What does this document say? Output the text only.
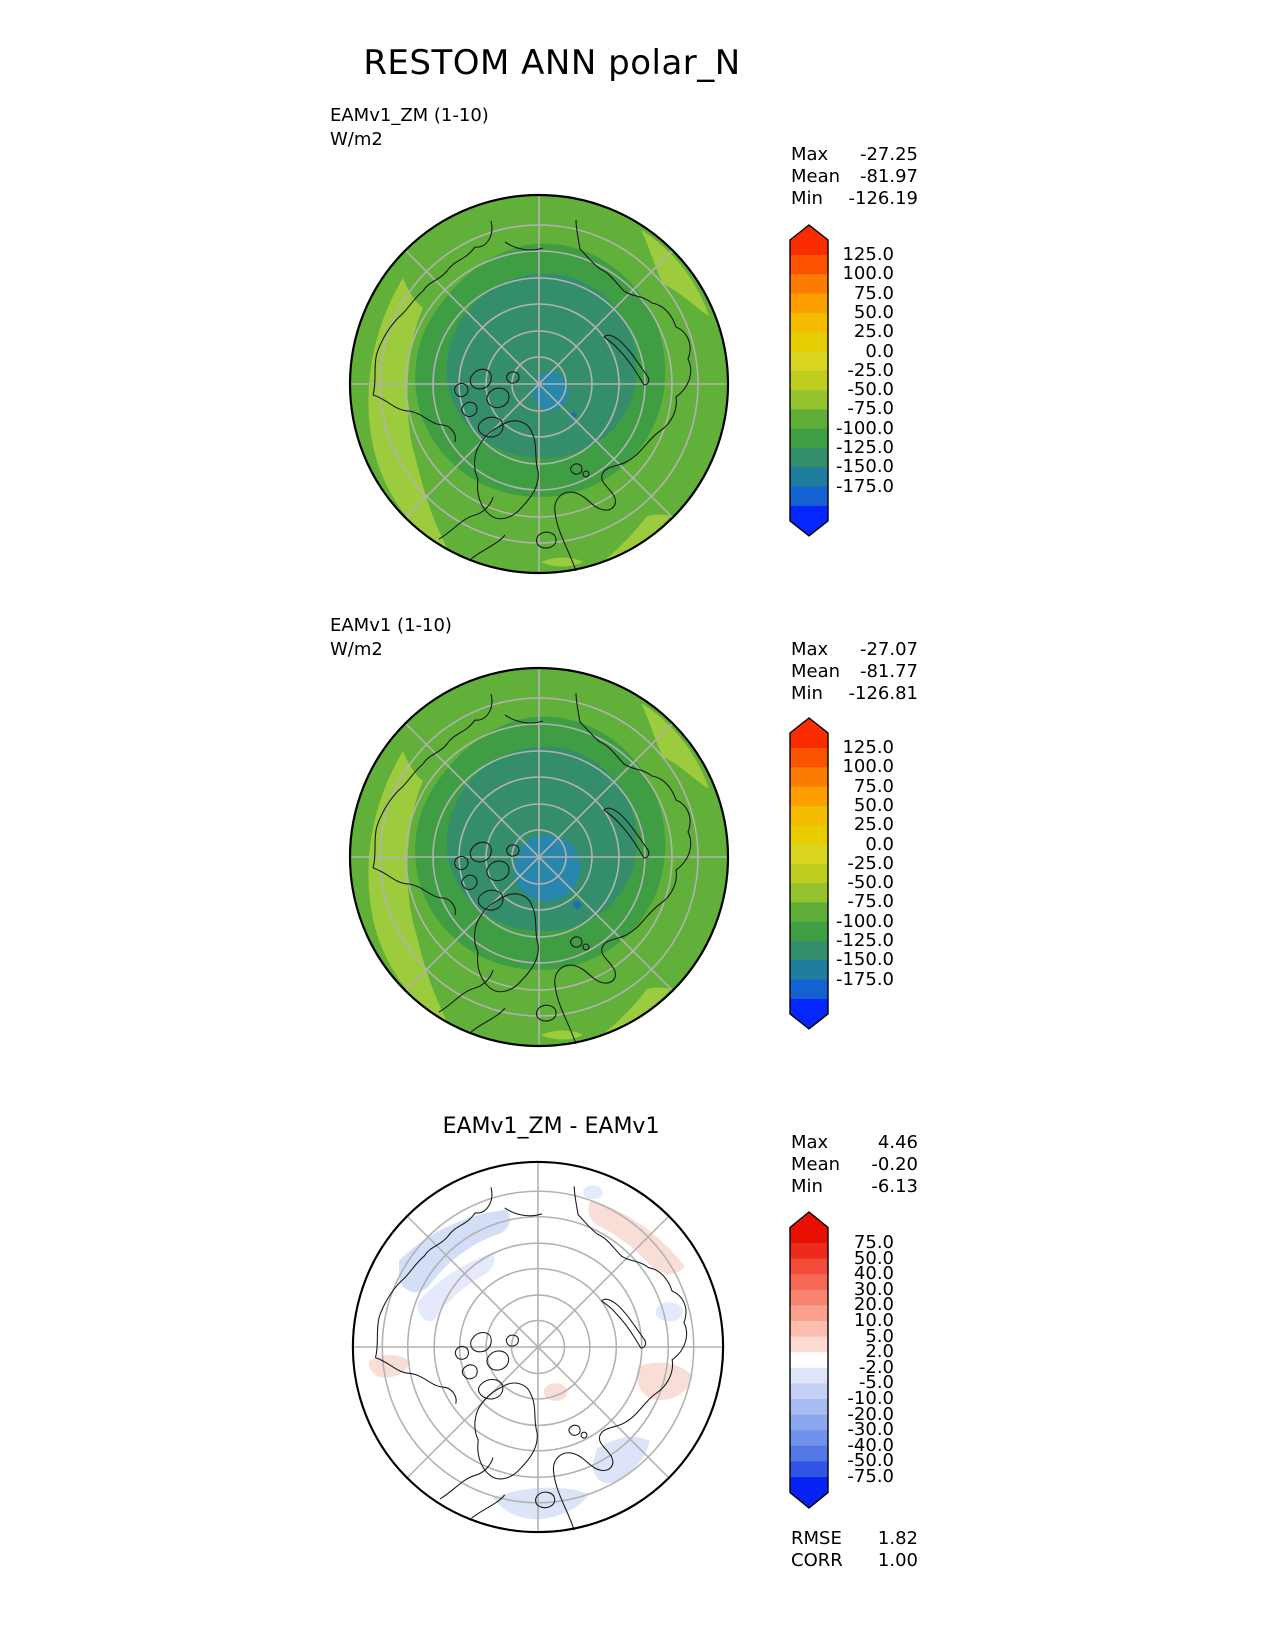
RESTOM ANN polar_N
EAMv1_ZM (1-10)
W/m2
Max -27.25
Mean -81.97
Min -126.19
125.0
100.0
75.0
50.0
25.0
0.0
-25.0
-50.0
-75.0
-100.0
-125.0
-150.0
-175.0
EAMv1 (1-10)
W/m2	Max -27.07
Mean -81.77
Min -126.81
125.0
100.0
75.0
50.0
25.0
0.0
-25.0
-50.0
-75.0
-100.0
-125.0
-150.0
-175.0
EAMv1_ZM - EAMv1
Max	4.46
Mean -0.20
Min	-6.13
75.0
50.0
40.0
30.0
20.0
10.0
5.0
2.0
-2.0
-5.0
-10.0
-20.0
-30.0
-40.0
-50.0
-75.0
RMSE 1.82
CORR 1.00
